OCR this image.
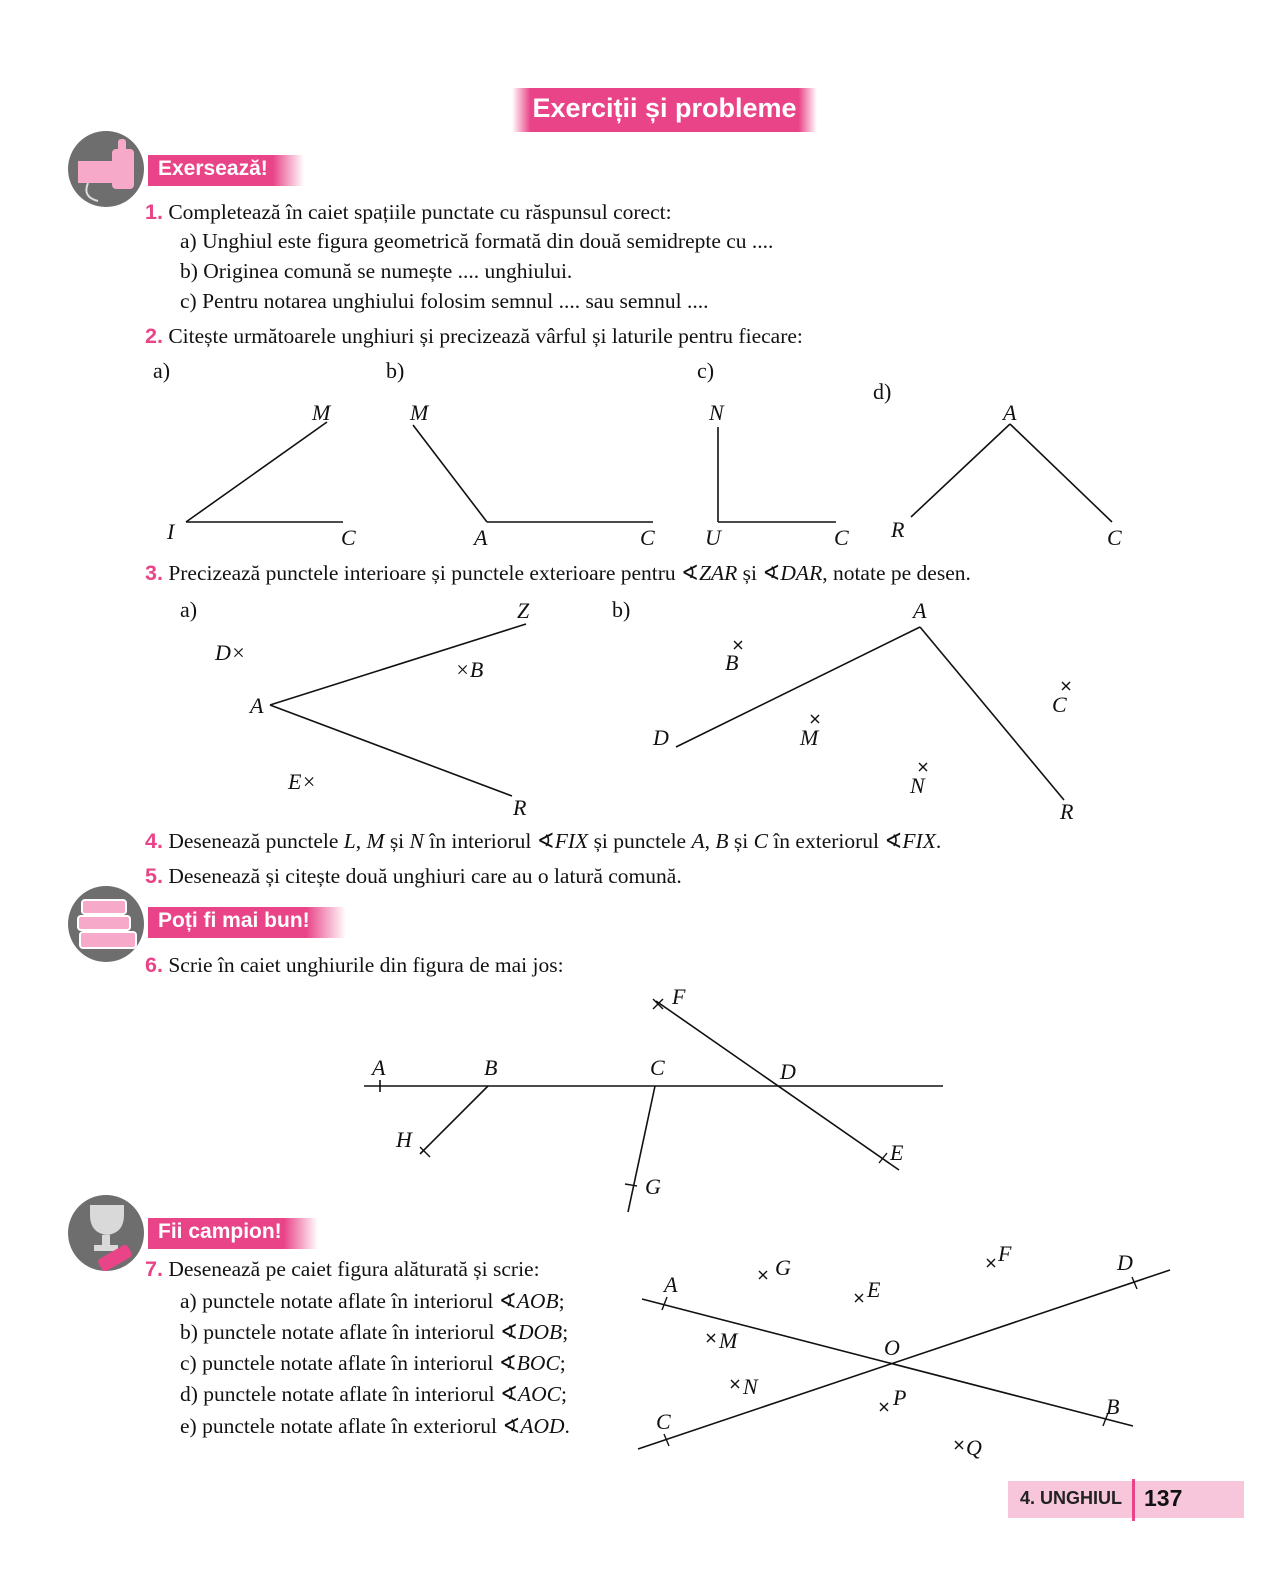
Exerciții și probleme
Exersează!
1. Completează în caiet spațiile punctate cu răspunsul corect:
a) Unghiul este figura geometrică formată din două semidrepte cu ....
b) Originea comună se numește .... unghiului.
c) Pentru notarea unghiului folosim semnul .... sau semnul ....
2. Citește următoarele unghiuri și precizează vârful și laturile pentru fiecare:
a)	b)	c)
d)
M
I	C
M
A	C
N
U	C
A
R	C
Z
D×
×B
A
E×
R
A
B
C
D	M
N
R
A	B	C	D
E
F
G
H
A
B
C
D
E
F
G
M
N
O
P
Q
3. Precizează punctele interioare și punctele exterioare pentru ∢ZAR și ∢DAR, notate pe desen.
a)	b)
4. Desenează punctele L, M și N în interiorul ∢FIX și punctele A, B și C în exteriorul ∢FIX.
5. Desenează și citește două unghiuri care au o latură comună.
Poți fi mai bun!
6. Scrie în caiet unghiurile din figura de mai jos:
Fii campion!
7. Desenează pe caiet figura alăturată și scrie:
a) punctele notate aflate în interiorul ∢AOB;
b) punctele notate aflate în interiorul ∢DOB;
c) punctele notate aflate în interiorul ∢BOC;
d) punctele notate aflate în interiorul ∢AOC;
e) punctele notate aflate în exteriorul ∢AOD.
4. UNGHIUL 137
